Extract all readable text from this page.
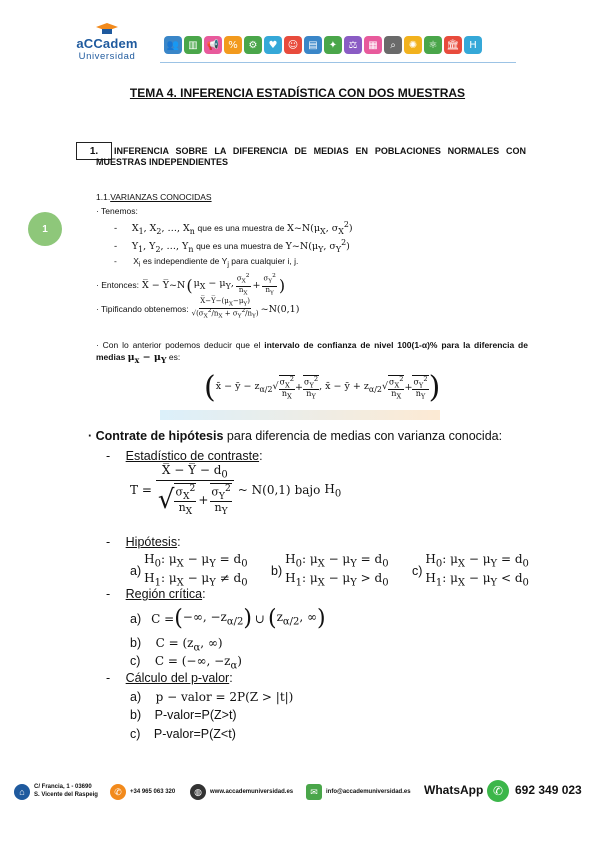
aCCadem
Universidad
👥 ▥ 📢 %	⚙	♥	☺	▤	✦	⚖	▦	⌕	✺	⚛ 🏛 H
TEMA 4. INFERENCIA ESTADÍSTICA CON DOS MUESTRAS
1.	INFERENCIA SOBRE LA DIFERENCIA DE MEDIAS EN POBLACIONES NORMALES CON MUESTRAS INDEPENDIENTES
1
1.1.VARIANZAS CONOCIDAS
· Tenemos:
- $X_1$, $X_2$, …, $X_n$ que es una muestra de $X\sim N(\mu_X$, $\sigma_X^2$)
- $Y_1$, $Y_2$, …, $Y_n$ que es una muestra de $Y\sim N(\mu_Y$, $\sigma_Y^2$)
- $X_i$ es independiente de $Y_j$ para cualquier i, j.
· Entonces: X̅ − Y̅~N ( $\mu_X - \mu_Y$, $\frac{\sigma_X^2}{n_X} + \frac{\sigma_Y^2}{n_Y}$ )
· Tipificando obtenemos: $\frac{X̅-Y̅-(\mu_X-\mu_Y)}{√(\sigma_X^2/n_X + \sigma_Y^2/n_Y)}$ ~N(0,1)
· Con lo anterior podemos deducir que el intervalo de confianza de nivel 100(1-α)% para la diferencia de medias $\mu_x - \mu_Y$ es:
( x̄ − ȳ − $z_{\alpha/2}√ \frac{\sigma_X^2}{n_X} + \frac{\sigma_Y^2}{n_Y}$ , x̄ − ȳ + $z_{\alpha/2}√ \frac{\sigma_X^2}{n_X} + \frac{\sigma_Y^2}{n_Y}$ )
· Contrate de hipótesis para diferencia de medias con varianza conocida:
- Estadístico de contraste:
$T = \frac{X̅ - Y̅ - d_0}{√ \frac{\sigma_X^2}{n_X} + \frac{\sigma_Y^2}{n_Y}}$ ~ N(0,1) bajo $H_0$
- Hipótesis:
a)
$H_0$: $\mu_X - \mu_Y = d_0$
$H_1$: $\mu_X - \mu_Y \ne d_0$
b)
$H_0$: $\mu_X - \mu_Y = d_0$
$H_1$: $\mu_X - \mu_Y > d_0$
c)
$H_0$: $\mu_X - \mu_Y = d_0$
$H_1$: $\mu_X - \mu_Y < d_0$
- Región crítica:
a) C = ( −∞, $-z_{\alpha/2}$ ) ∪ ( $z_{\alpha/2}$, ∞ )
b) $C = (z_\alpha$, ∞)
c) C = (−∞, $-z_\alpha$)
- Cálculo del p-valor:
a) p − valor = 2P(Z > |t|)
b) P-valor=P(Z>t)
c) P-valor=P(Z<t)
⌂	C/ Francia, 1 - 03690
S. Vicente del Raspeig	✆	+34 965 063 320	◍	www.accademuniversidad.es	✉	info@accademuniversidad.es WhatsApp ✆ 692 349 023
